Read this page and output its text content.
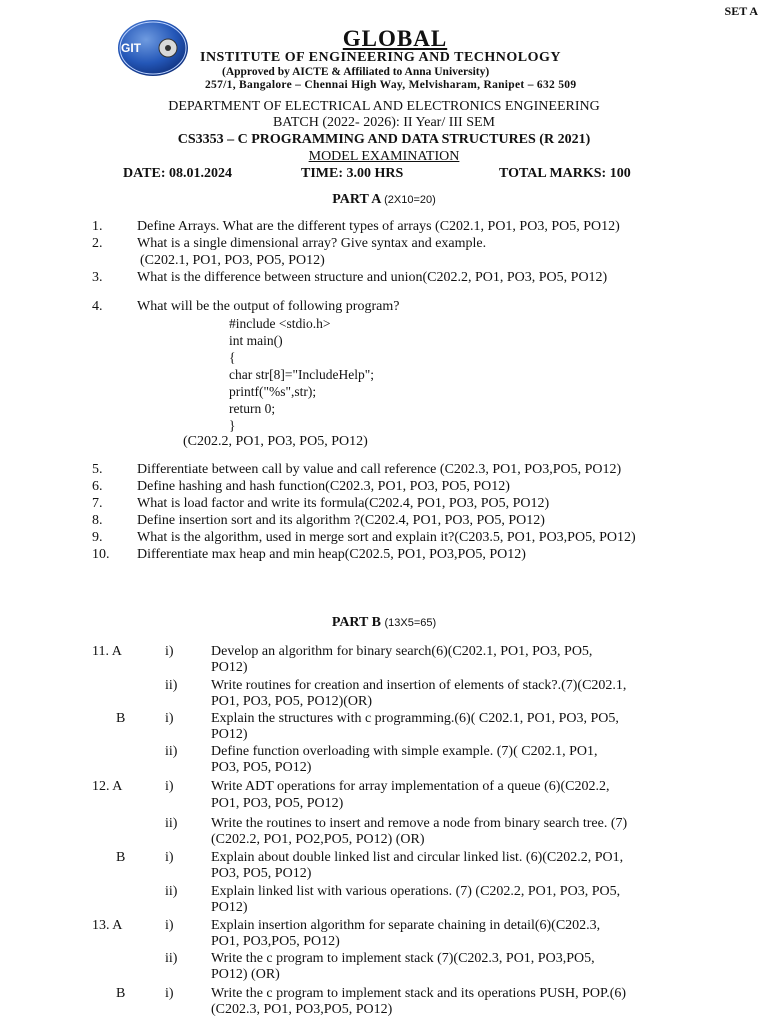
SET A
GIT	GLOBAL
INSTITUTE OF ENGINEERING AND TECHNOLOGY
(Approved by AICTE & Affiliated to Anna University)
257/1, Bangalore – Chennai High Way, Melvisharam, Ranipet – 632 509
DEPARTMENT OF ELECTRICAL AND ELECTRONICS ENGINEERING
BATCH (2022- 2026): II Year/ III SEM
CS3353 – C PROGRAMMING AND DATA STRUCTURES (R 2021)
MODEL EXAMINATION
DATE: 08.01.2024	TIME: 3.00 HRS	TOTAL MARKS: 100
PART A (2X10=20)
1. Define Arrays. What are the different types of arrays (C202.1, PO1, PO3, PO5, PO12)
2. What is a single dimensional array? Give syntax and example.
(C202.1, PO1, PO3, PO5, PO12)
3. What is the difference between structure and union(C202.2, PO1, PO3, PO5, PO12)
4. What will be the output of following program?
#include <stdio.h>
int main()
{
char str[8]="IncludeHelp";
printf("%s",str);
return 0;
}
(C202.2, PO1, PO3, PO5, PO12)
5. Differentiate between call by value and call reference (C202.3, PO1, PO3,PO5, PO12)
6. Define hashing and hash function(C202.3, PO1, PO3, PO5, PO12)
7. What is load factor and write its formula(C202.4, PO1, PO3, PO5, PO12)
8. Define insertion sort and its algorithm ?(C202.4, PO1, PO3, PO5, PO12)
9. What is the algorithm, used in merge sort and explain it?(C203.5, PO1, PO3,PO5, PO12)
10. Differentiate max heap and min heap(C202.5, PO1, PO3,PO5, PO12)
PART B (13X5=65)
11. A	i)	Develop an algorithm for binary search(6)(C202.1, PO1, PO3, PO5,
PO12)
ii) Write routines for creation and insertion of elements of stack?.(7)(C202.1,
PO1, PO3, PO5, PO12)(OR)
B	i)	Explain the structures with c programming.(6)( C202.1, PO1, PO3, PO5,
PO12)
ii) Define function overloading with simple example. (7)( C202.1, PO1,
PO3, PO5, PO12)
12. A	i)	Write ADT operations for array implementation of a queue (6)(C202.2,
PO1, PO3, PO5, PO12)
ii) Write the routines to insert and remove a node from binary search tree. (7)
(C202.2, PO1, PO2,PO5, PO12) (OR)
B	i)	Explain about double linked list and circular linked list. (6)(C202.2, PO1,
PO3, PO5, PO12)
ii) Explain linked list with various operations. (7) (C202.2, PO1, PO3, PO5,
PO12)
13. A	i)	Explain insertion algorithm for separate chaining in detail(6)(C202.3,
PO1, PO3,PO5, PO12)
ii) Write the c program to implement stack (7)(C202.3, PO1, PO3,PO5,
PO12) (OR)
B	i)	Write the c program to implement stack and its operations PUSH, POP.(6)
(C202.3, PO1, PO3,PO5, PO12)
